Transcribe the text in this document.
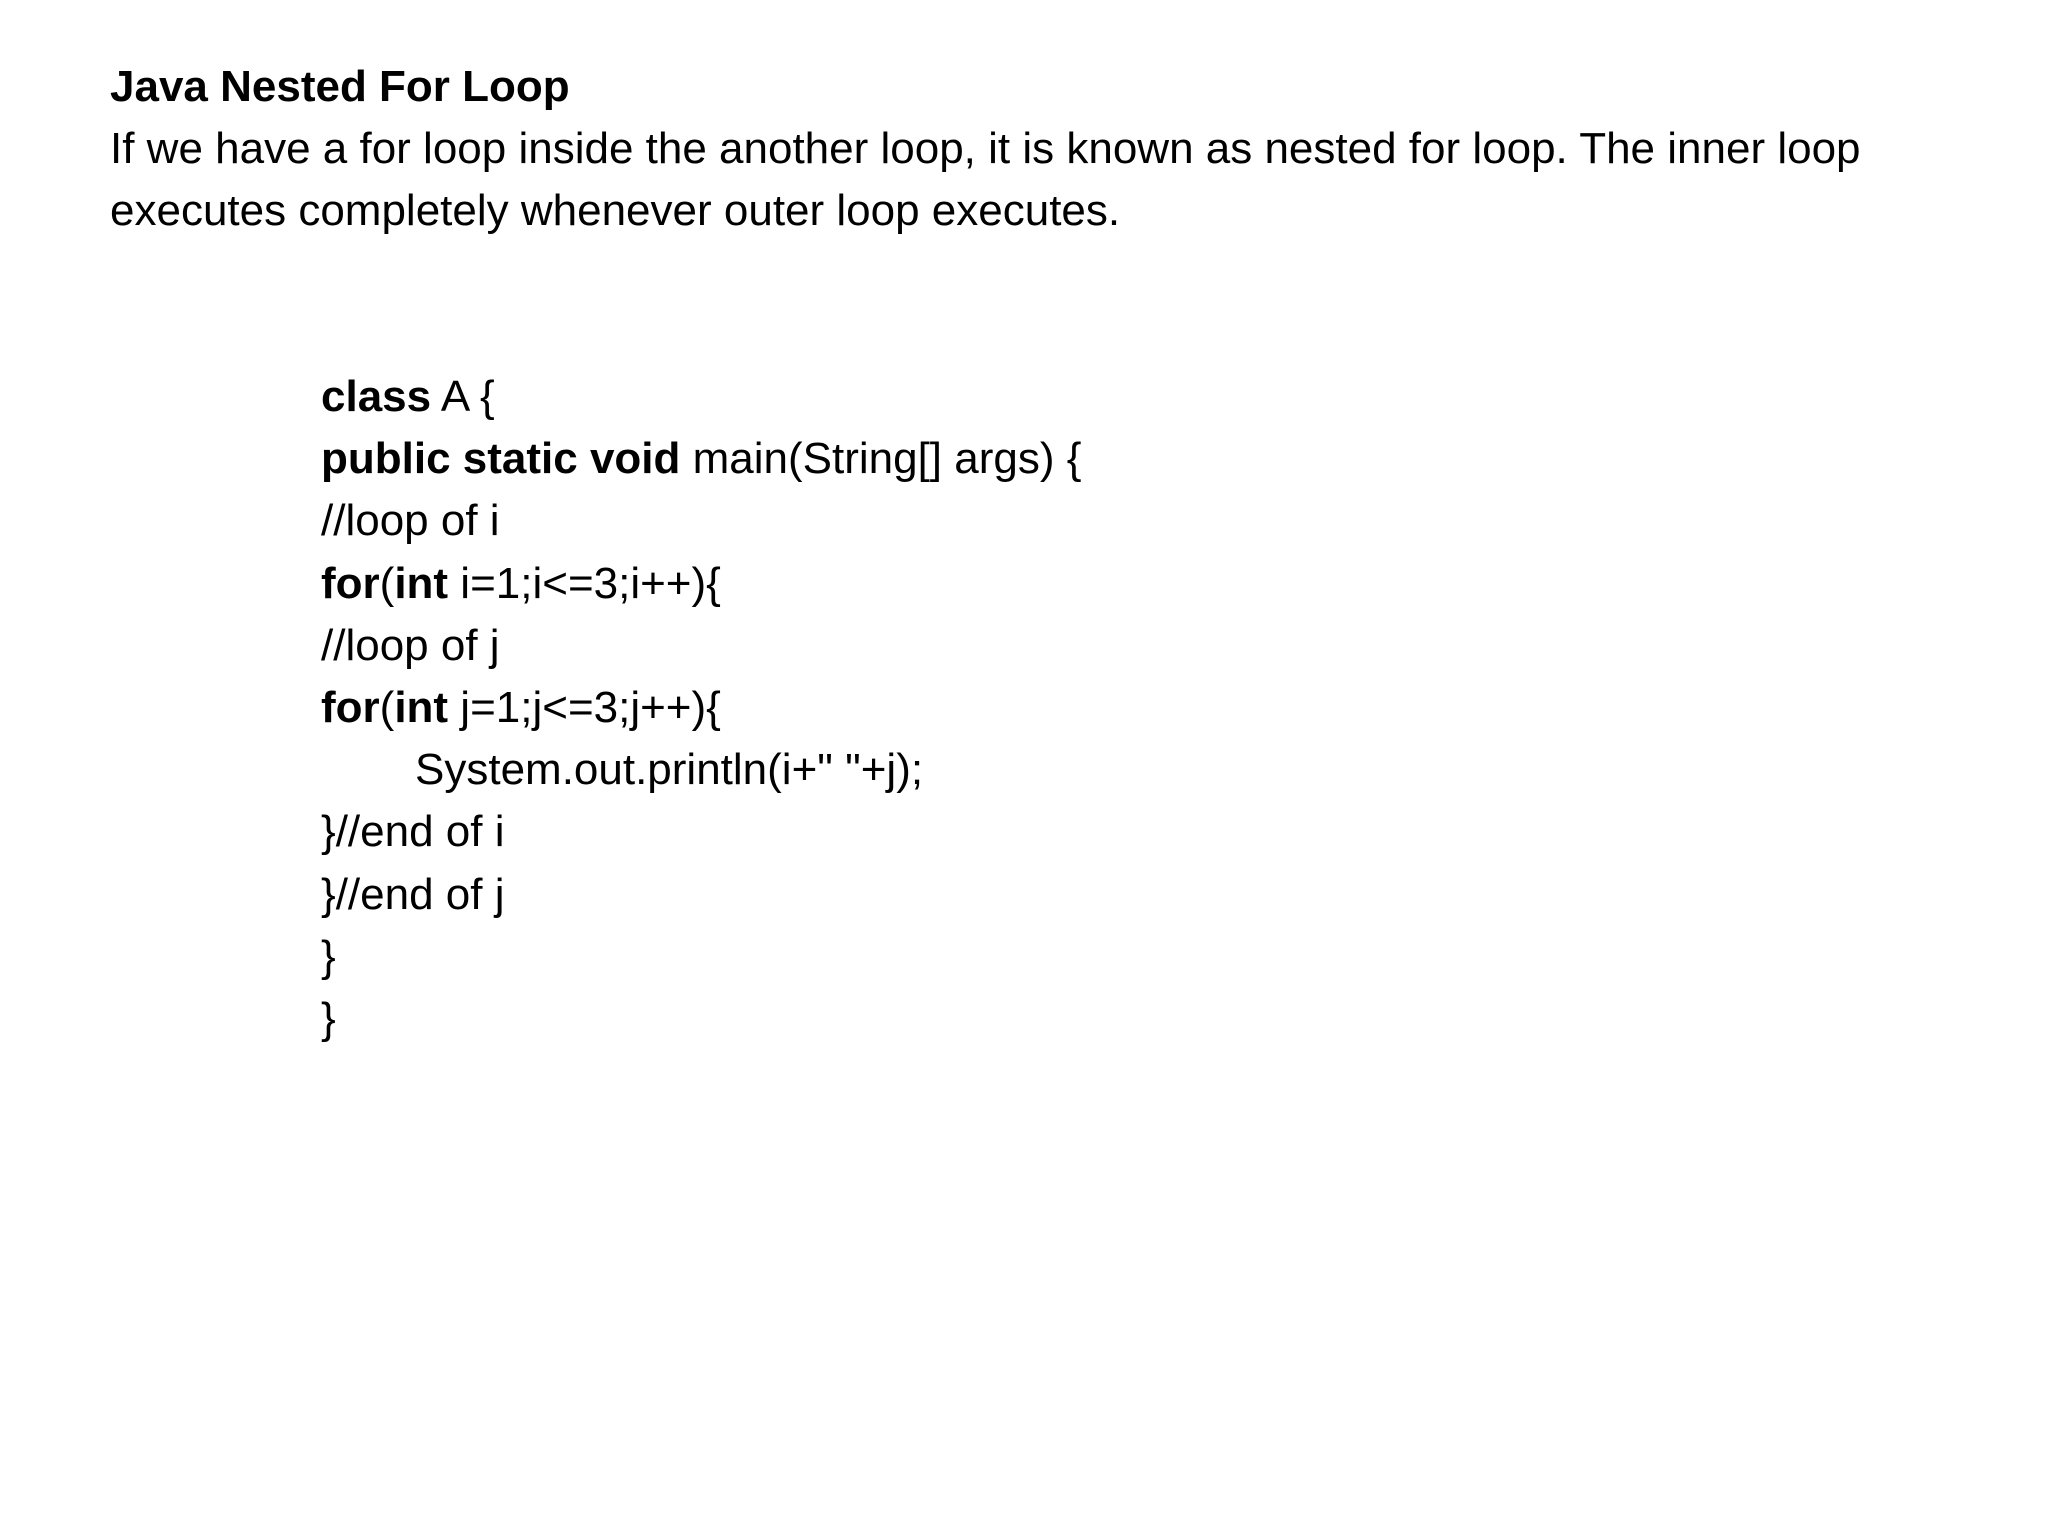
Java Nested For Loop
If we have a for loop inside the another loop, it is known as nested for loop. The inner loop executes completely whenever outer loop executes.
class A {
public static void main(String[] args) {
//loop of i
for(int i=1;i<=3;i++){
//loop of j
for(int j=1;j<=3;j++){
System.out.println(i+" "+j);
}//end of i
}//end of j
}
}
